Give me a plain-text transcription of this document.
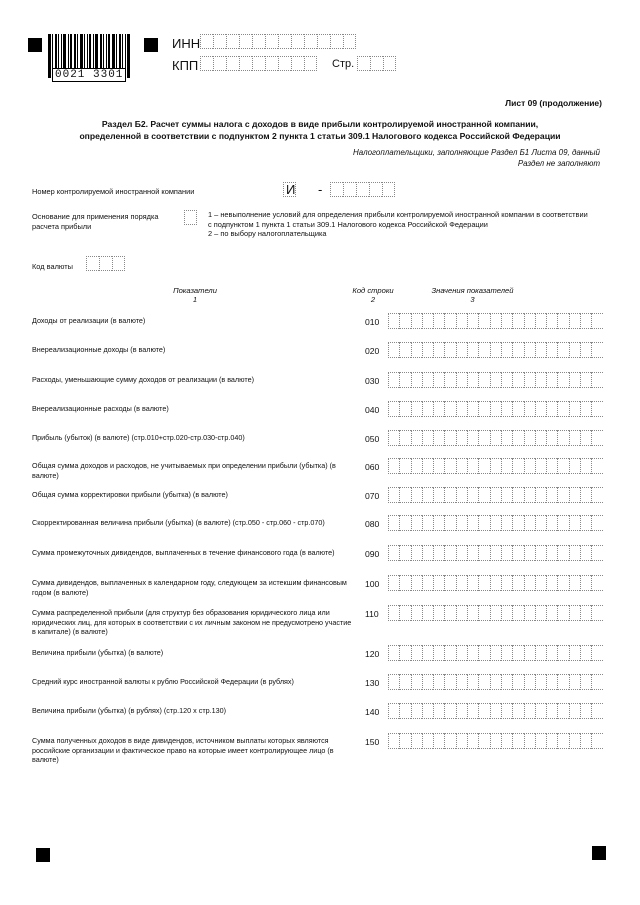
0021 3301
ИНН
КПП	Стр.
Лист 09 (продолжение)
Раздел Б2. Расчет суммы налога с доходов в виде прибыли контролируемой иностранной компании,
определенной в соответствии с подпунктом 2 пункта 1 статьи 309.1 Налогового кодекса Российской Федерации
Налогоплательщики, заполняющие Раздел Б1 Листа 09, данный
Раздел не заполняют
Номер контролируемой иностранной компании	И -
Основание для применения порядка
расчета прибыли
1 – невыполнение условий для определения прибыли контролируемой иностранной компании в соответствии
с подпунктом 1 пункта 1 статьи 309.1 Налогового кодекса Российской Федерации
2 – по выбору налогоплательщика
Код валюты
Показатели
1
Код строки
2
Значения показателей
3
Доходы от реализации (в валюте)	010
Внереализационные доходы (в валюте)	020
Расходы, уменьшающие сумму доходов от реализации (в валюте)	030
Внереализационные расходы (в валюте)	040
Прибыль (убыток) (в валюте) (стр.010+стр.020-стр.030-стр.040)	050
Общая сумма доходов и расходов, не учитываемых при определении прибыли (убытка) (в валюте)
060
Общая сумма корректировки прибыли (убытка) (в валюте)	070
Скорректированная величина прибыли (убытка) (в валюте) (стр.050 - стр.060 - стр.070)	080
Сумма промежуточных дивидендов, выплаченных в течение финансового года (в валюте)	090
Сумма дивидендов, выплаченных в календарном году, следующем за истекшим финансовым годом (в валюте)
100
Сумма распределенной прибыли (для структур без образования юридического лица или юридических лиц, для которых в соответствии с их личным законом не предусмотрено участие в капитале) (в валюте)
110
Величина прибыли (убытка) (в валюте)	120
Средний курс иностранной валюты к рублю Российской Федерации (в рублях)	130
Величина прибыли (убытка) (в рублях) (стр.120 х стр.130)	140
Сумма полученных доходов в виде дивидендов, источником выплаты которых являются российские организации и фактическое право на которые имеет контролирующее лицо (в валюте)
150
